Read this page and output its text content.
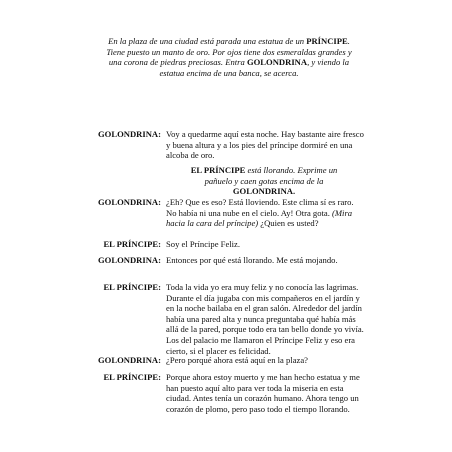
En la plaza de una ciudad está parada una estatua de un PRÍNCIPE. Tiene puesto un manto de oro. Por ojos tiene dos esmeraldas grandes y una corona de piedras preciosas. Entra GOLONDRINA, y viendo la estatua encima de una banca, se acerca.
GOLONDRINA: Voy a quedarme aquí esta noche. Hay bastante aire fresco y buena altura y a los pies del príncipe dormiré en una alcoba de oro.
EL PRÍNCIPE está llorando. Exprime un pañuelo y caen gotas encima de la GOLONDRINA.
GOLONDRINA: ¿Eh? Que es eso? Está lloviendo. Este clima sí es raro. No había ni una nube en el cielo. Ay! Otra gota. (Mira hacia la cara del príncipe) ¿Quien es usted?
EL PRÍNCIPE: Soy el Príncipe Feliz.
GOLONDRINA: Entonces por qué está llorando. Me está mojando.
EL PRÍNCIPE: Toda la vida yo era muy feliz y no conocía las lagrimas. Durante el día jugaba con mis compañeros en el jardín y en la noche bailaba en el gran salón. Alrededor del jardín había una pared alta y nunca preguntaba qué había más allá de la pared, porque todo era tan bello donde yo vivía. Los del palacio me llamaron el Príncipe Feliz y eso era cierto, si el placer es felicidad.
GOLONDRINA: ¿Pero porqué ahora está aquí en la plaza?
EL PRÍNCIPE: Porque ahora estoy muerto y me han hecho estatua y me han puesto aquí alto para ver toda la miseria en esta ciudad. Antes tenía un corazón humano. Ahora tengo un corazón de plomo, pero paso todo el tiempo llorando.
